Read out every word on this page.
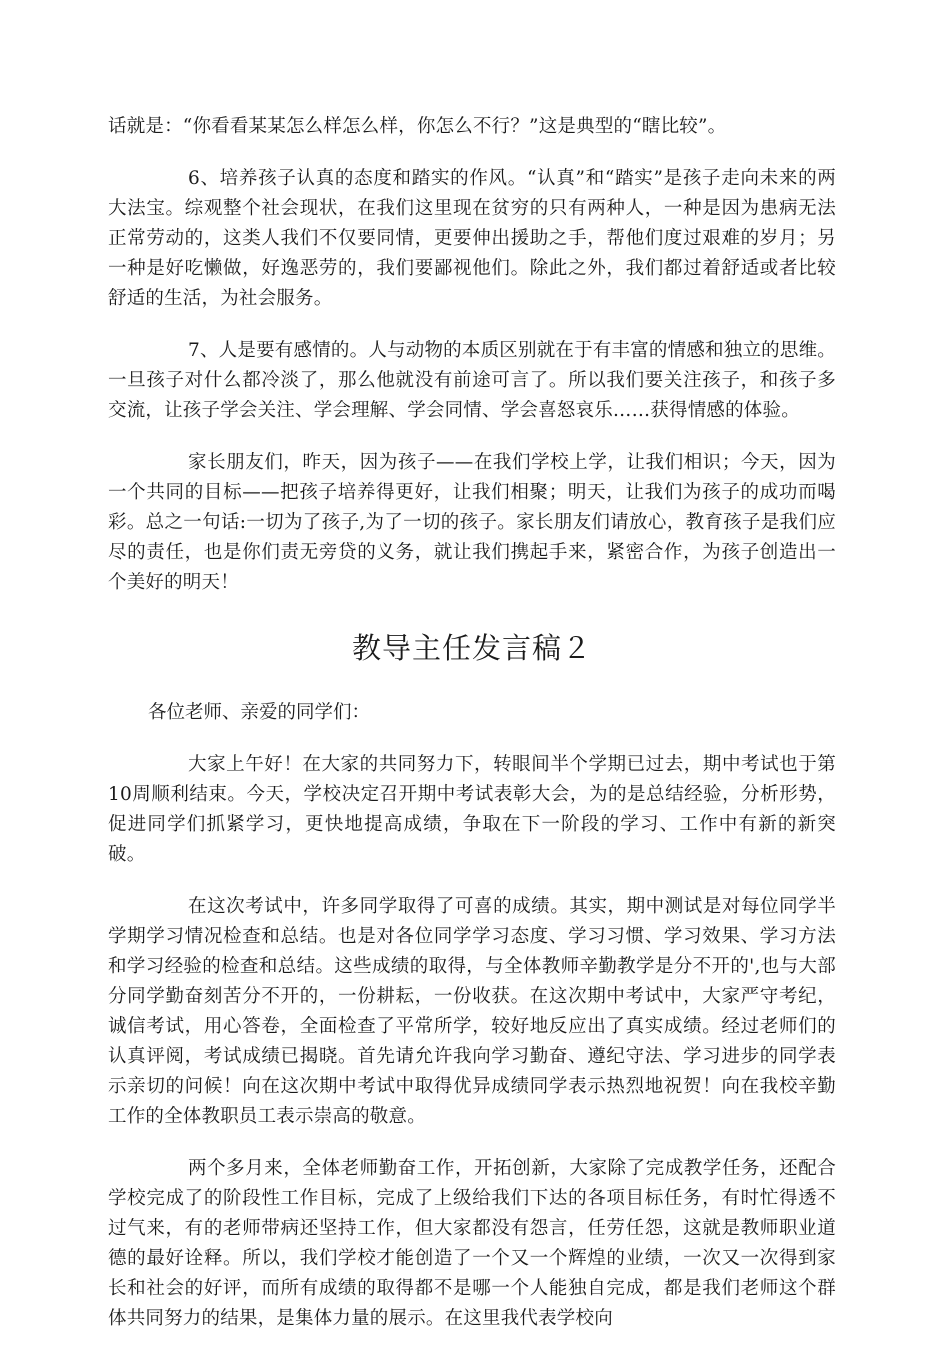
话就是：“你看看某某怎么样怎么样，你怎么不行？”这是典型的“瞎比较”。

6、培养孩子认真的态度和踏实的作风。“认真”和“踏实”是孩子走向未来的两大法宝。综观整个社会现状，在我们这里现在贫穷的只有两种人，一种是因为患病无法正常劳动的，这类人我们不仅要同情，更要伸出援助之手，帮他们度过艰难的岁月；另一种是好吃懒做，好逸恶劳的，我们要鄙视他们。除此之外，我们都过着舒适或者比较舒适的生活，为社会服务。

7、人是要有感情的。人与动物的本质区别就在于有丰富的情感和独立的思维。一旦孩子对什么都冷淡了，那么他就没有前途可言了。所以我们要关注孩子，和孩子多交流，让孩子学会关注、学会理解、学会同情、学会喜怒哀乐……获得情感的体验。

家长朋友们，昨天，因为孩子——在我们学校上学，让我们相识；今天，因为一个共同的目标——把孩子培养得更好，让我们相聚；明天，让我们为孩子的成功而喝彩。总之一句话:一切为了孩子,为了一切的孩子。家长朋友们请放心，教育孩子是我们应尽的责任，也是你们责无旁贷的义务，就让我们携起手来，紧密合作，为孩子创造出一个美好的明天！

教导主任发言稿２

各位老师、亲爱的同学们：

大家上午好！在大家的共同努力下，转眼间半个学期已过去，期中考试也于第10周顺利结束。今天，学校决定召开期中考试表彰大会，为的是总结经验，分析形势，促进同学们抓紧学习，更快地提高成绩，争取在下一阶段的学习、工作中有新的新突破。

在这次考试中，许多同学取得了可喜的成绩。其实，期中测试是对每位同学半学期学习情况检查和总结。也是对各位同学学习态度、学习习惯、学习效果、学习方法和学习经验的检查和总结。这些成绩的取得，与全体教师辛勤教学是分不开的',也与大部分同学勤奋刻苦分不开的，一份耕耘，一份收获。在这次期中考试中，大家严守考纪，诚信考试，用心答卷，全面检查了平常所学，较好地反应出了真实成绩。经过老师们的认真评阅，考试成绩已揭晓。首先请允许我向学习勤奋、遵纪守法、学习进步的同学表示亲切的问候！向在这次期中考试中取得优异成绩同学表示热烈地祝贺！向在我校辛勤工作的全体教职员工表示崇高的敬意。

两个多月来，全体老师勤奋工作，开拓创新，大家除了完成教学任务，还配合学校完成了的阶段性工作目标，完成了上级给我们下达的各项目标任务，有时忙得透不过气来，有的老师带病还坚持工作，但大家都没有怨言，任劳任怨，这就是教师职业道德的最好诠释。所以，我们学校才能创造了一个又一个辉煌的业绩，一次又一次得到家长和社会的好评，而所有成绩的取得都不是哪一个人能独自完成，都是我们老师这个群体共同努力的结果，是集体力量的展示。在这里我代表学校向
